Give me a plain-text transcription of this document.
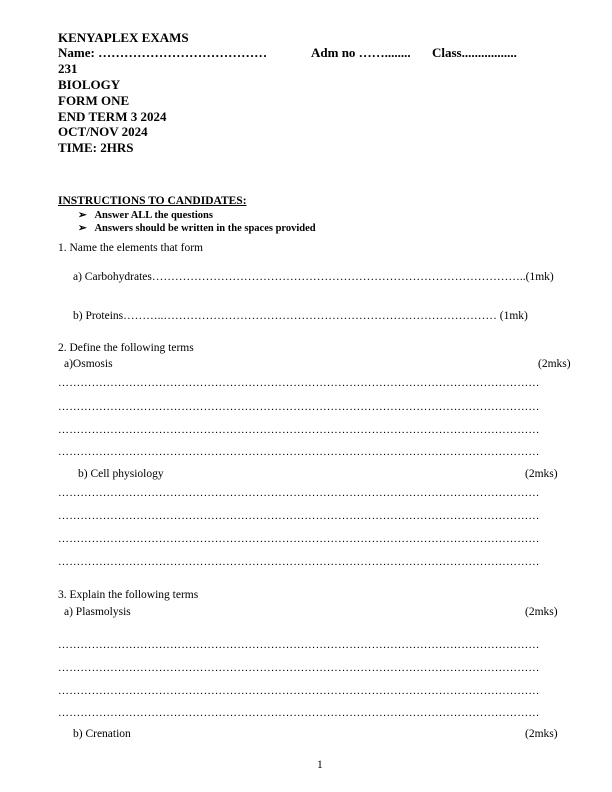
KENYAPLEX EXAMS
Name: …………………………………	Adm no ……........ Class.................
231
BIOLOGY
FORM ONE
END TERM 3 2024
OCT/NOV 2024
TIME: 2HRS
INSTRUCTIONS TO CANDIDATES:
➢ Answer ALL the questions
➢ Answers should be written in the spaces provided
1. Name the elements that form
a) Carbohydrates……………………………………………………………………………………..(1mk)
b) Proteins………..…………………………………………………………………………… (1mk)
2. Define the following terms
a)Osmosis	(2mks)
…………………………………………………………………………………………………………………
…………………………………………………………………………………………………………………
…………………………………………………………………………………………………………………
…………………………………………………………………………………………………………………
b) Cell physiology	(2mks)
…………………………………………………………………………………………………………………
…………………………………………………………………………………………………………………
…………………………………………………………………………………………………………………
…………………………………………………………………………………………………………………
3. Explain the following terms
a) Plasmolysis	(2mks)
…………………………………………………………………………………………………………………
…………………………………………………………………………………………………………………
…………………………………………………………………………………………………………………
…………………………………………………………………………………………………………………
b) Crenation	(2mks)
1
